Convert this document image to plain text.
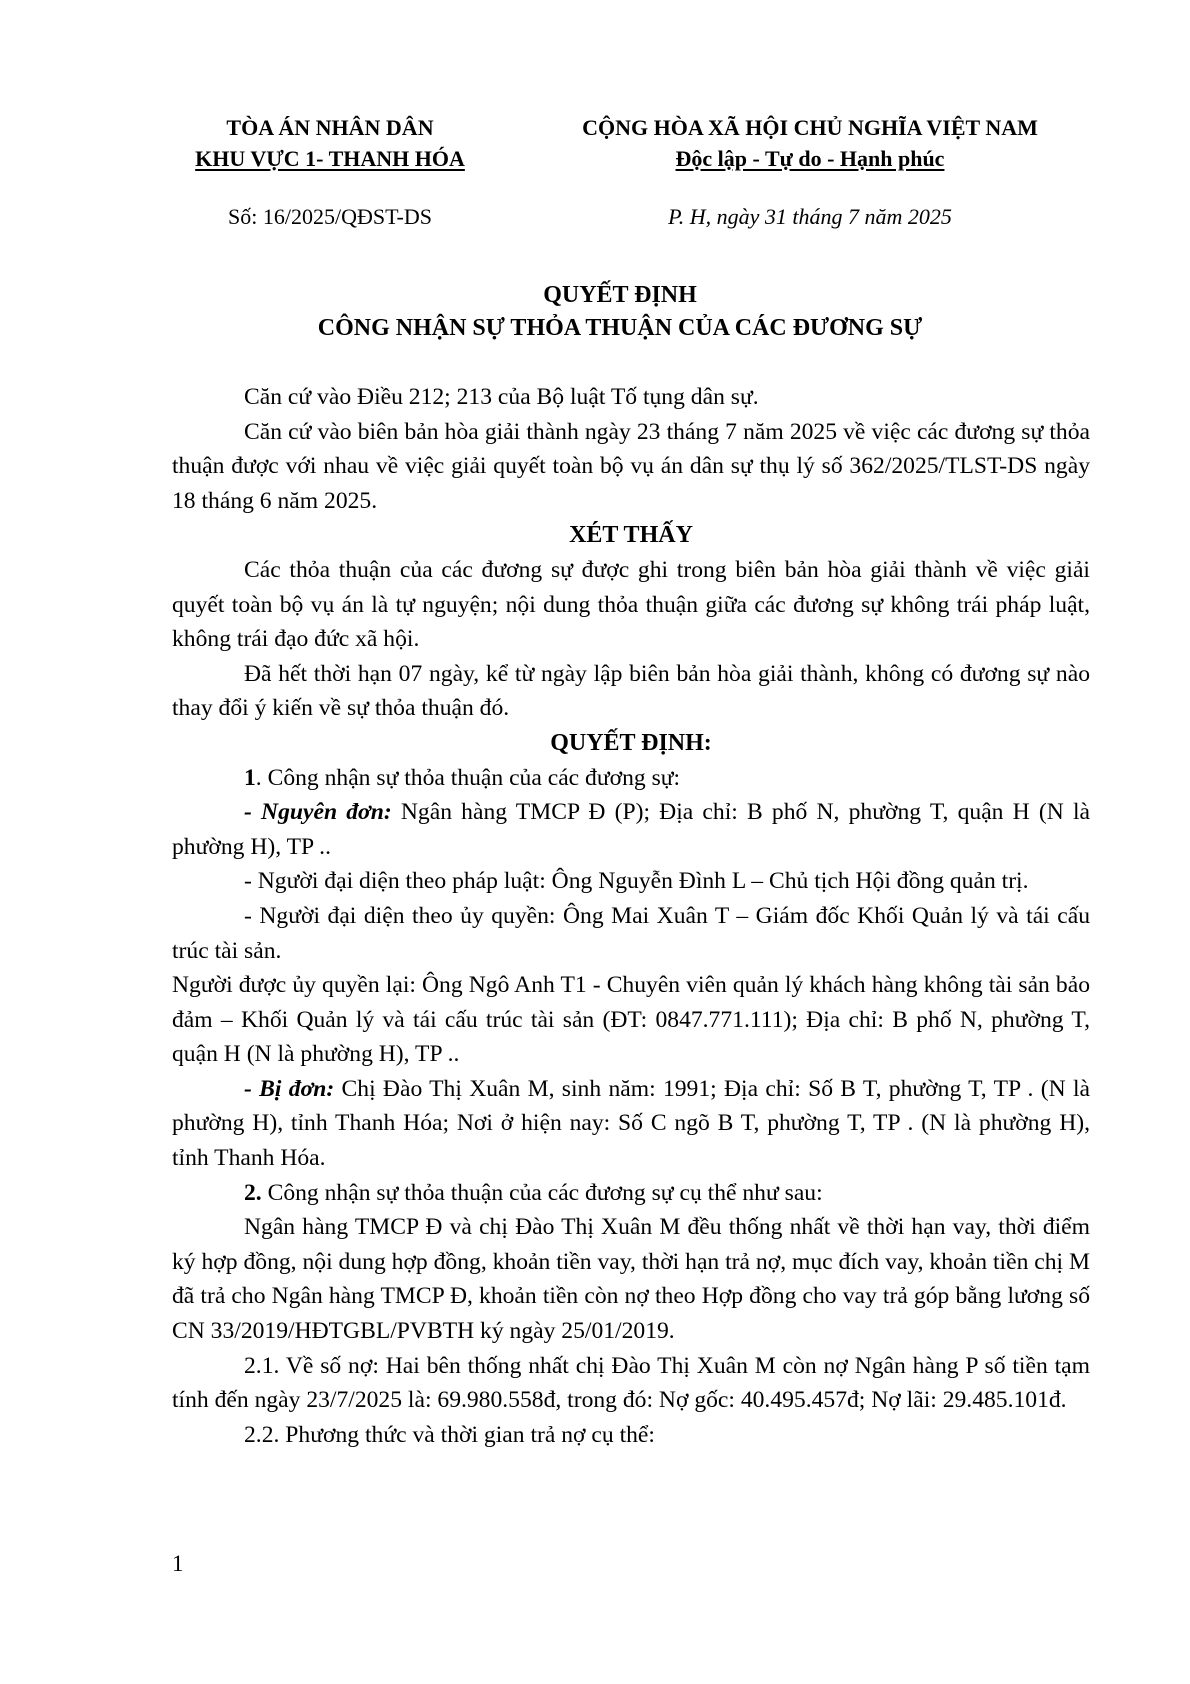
TÒA ÁN NHÂN DÂN
KHU VỰC 1- THANH HÓA
CỘNG HÒA XÃ HỘI CHỦ NGHĨA VIỆT NAM
Độc lập - Tự do - Hạnh phúc
Số: 16/2025/QĐST-DS	P. H, ngày 31 tháng 7 năm 2025
QUYẾT ĐỊNH
CÔNG NHẬN SỰ THỎA THUẬN CỦA CÁC ĐƯƠNG SỰ

Căn cứ vào Điều 212; 213 của Bộ luật Tố tụng dân sự.

Căn cứ vào biên bản hòa giải thành ngày 23 tháng 7 năm 2025 về việc các đương sự thỏa thuận được với nhau về việc giải quyết toàn bộ vụ án dân sự thụ lý số 362/2025/TLST-DS ngày 18 tháng 6 năm 2025.

XÉT THẤY

Các thỏa thuận của các đương sự được ghi trong biên bản hòa giải thành về việc giải quyết toàn bộ vụ án là tự nguyện; nội dung thỏa thuận giữa các đương sự không trái pháp luật, không trái đạo đức xã hội.

Đã hết thời hạn 07 ngày, kể từ ngày lập biên bản hòa giải thành, không có đương sự nào thay đổi ý kiến về sự thỏa thuận đó.

QUYẾT ĐỊNH:

1. Công nhận sự thỏa thuận của các đương sự:

- Nguyên đơn: Ngân hàng TMCP Đ (P); Địa chỉ: B phố N, phường T, quận H (N là phường H), TP ..

- Người đại diện theo pháp luật: Ông Nguyễn Đình L – Chủ tịch Hội đồng quản trị.

- Người đại diện theo ủy quyền: Ông Mai Xuân T – Giám đốc Khối Quản lý và tái cấu trúc tài sản.

Người được ủy quyền lại: Ông Ngô Anh T1 - Chuyên viên quản lý khách hàng không tài sản bảo đảm – Khối Quản lý và tái cấu trúc tài sản (ĐT: 0847.771.111); Địa chỉ: B phố N, phường T, quận H (N là phường H), TP ..

- Bị đơn: Chị Đào Thị Xuân M, sinh năm: 1991; Địa chỉ: Số B T, phường T, TP . (N là phường H), tỉnh Thanh Hóa; Nơi ở hiện nay: Số C ngõ B T, phường T, TP . (N là phường H), tỉnh Thanh Hóa.

2. Công nhận sự thỏa thuận của các đương sự cụ thể như sau:

Ngân hàng TMCP Đ và chị Đào Thị Xuân M đều thống nhất về thời hạn vay, thời điểm ký hợp đồng, nội dung hợp đồng, khoản tiền vay, thời hạn trả nợ, mục đích vay, khoản tiền chị M đã trả cho Ngân hàng TMCP Đ, khoản tiền còn nợ theo Hợp đồng cho vay trả góp bằng lương số CN 33/2019/HĐTGBL/PVBTH ký ngày 25/01/2019.

2.1. Về số nợ: Hai bên thống nhất chị Đào Thị Xuân M còn nợ Ngân hàng P số tiền tạm tính đến ngày 23/7/2025 là: 69.980.558đ, trong đó: Nợ gốc: 40.495.457đ; Nợ lãi: 29.485.101đ.

2.2. Phương thức và thời gian trả nợ cụ thể:

1
